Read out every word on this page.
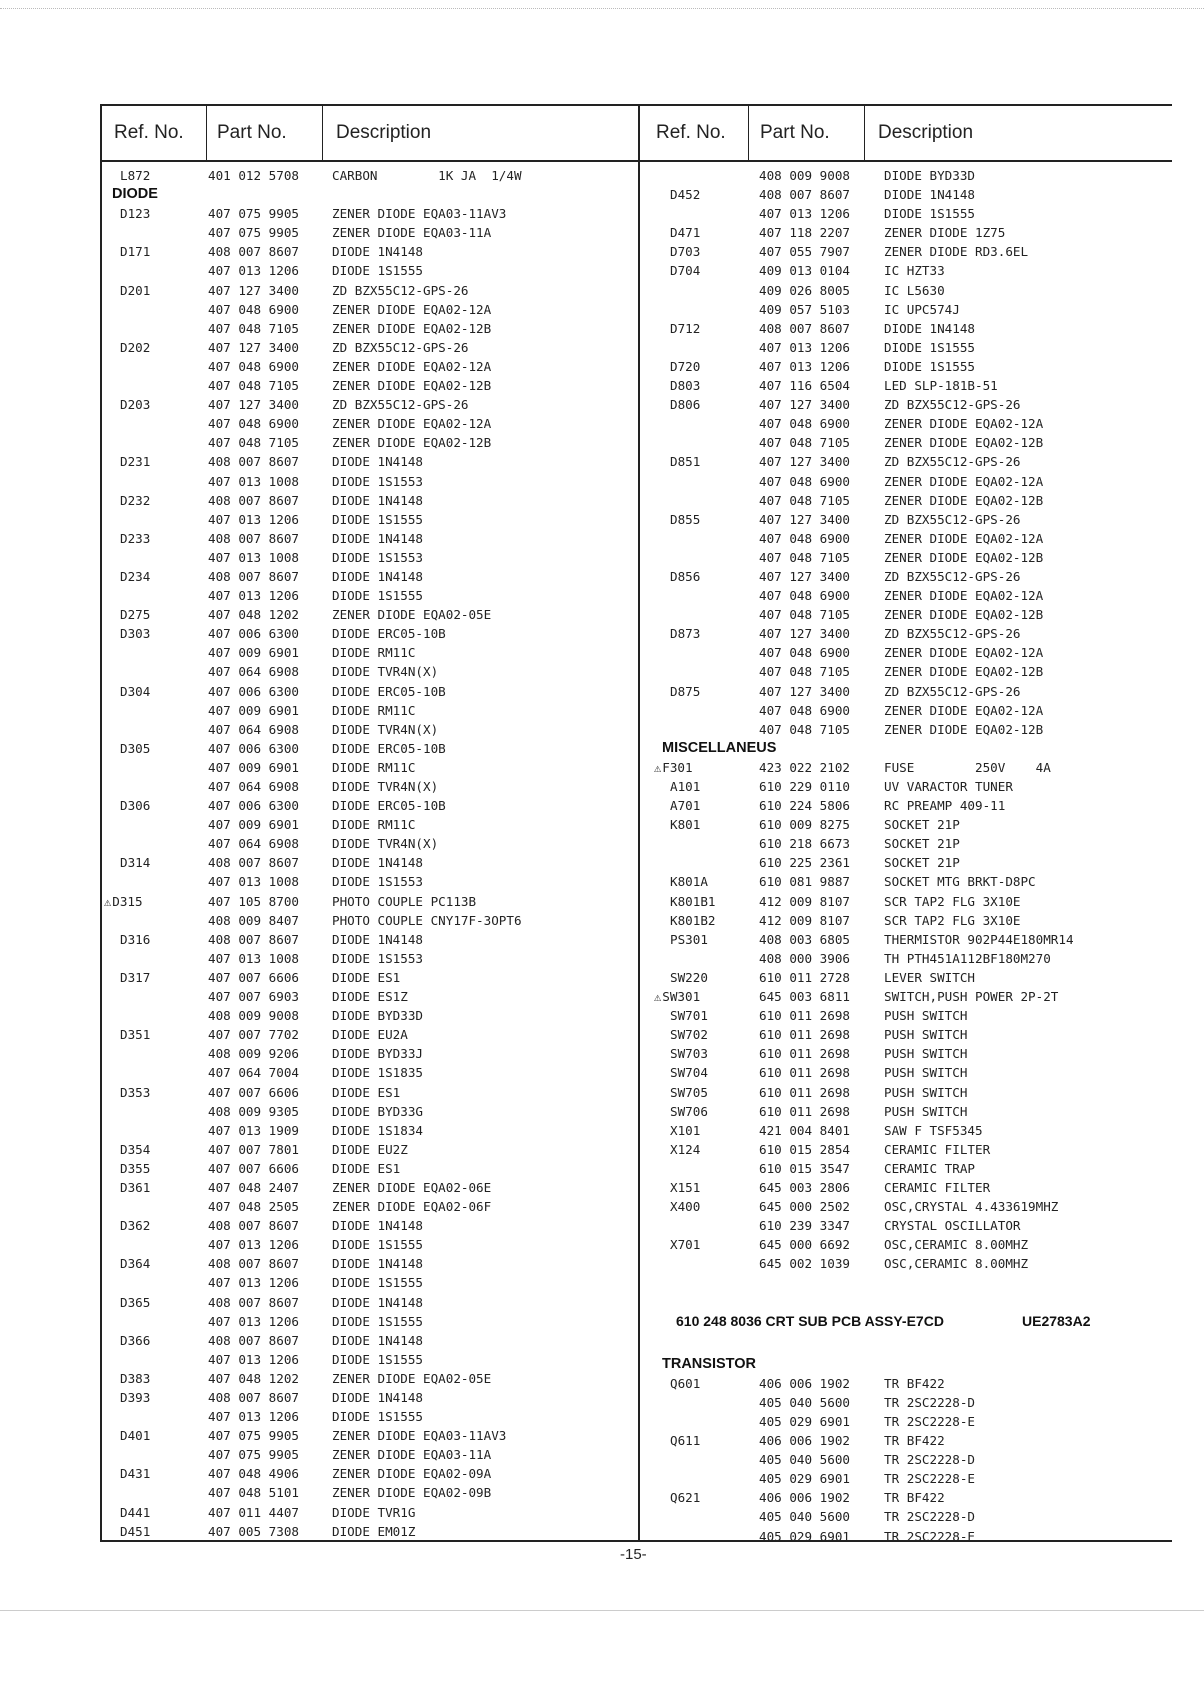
Ref. No. Part No.	Description
L872	401 012 5708	CARBON        1K JA  1/4W
DIODE
D123	407 075 9905	ZENER DIODE EQA03-11AV3
407 075 9905	ZENER DIODE EQA03-11A
D171	408 007 8607	DIODE 1N4148
407 013 1206	DIODE 1S1555
D201	407 127 3400	ZD BZX55C12-GPS-26
407 048 6900	ZENER DIODE EQA02-12A
407 048 7105	ZENER DIODE EQA02-12B
D202	407 127 3400	ZD BZX55C12-GPS-26
407 048 6900	ZENER DIODE EQA02-12A
407 048 7105	ZENER DIODE EQA02-12B
D203	407 127 3400	ZD BZX55C12-GPS-26
407 048 6900	ZENER DIODE EQA02-12A
407 048 7105	ZENER DIODE EQA02-12B
D231	408 007 8607	DIODE 1N4148
407 013 1008	DIODE 1S1553
D232	408 007 8607	DIODE 1N4148
407 013 1206	DIODE 1S1555
D233	408 007 8607	DIODE 1N4148
407 013 1008	DIODE 1S1553
D234	408 007 8607	DIODE 1N4148
407 013 1206	DIODE 1S1555
D275	407 048 1202	ZENER DIODE EQA02-05E
D303	407 006 6300	DIODE ERC05-10B
407 009 6901	DIODE RM11C
407 064 6908	DIODE TVR4N(X)
D304	407 006 6300	DIODE ERC05-10B
407 009 6901	DIODE RM11C
407 064 6908	DIODE TVR4N(X)
D305	407 006 6300	DIODE ERC05-10B
407 009 6901	DIODE RM11C
407 064 6908	DIODE TVR4N(X)
D306	407 006 6300	DIODE ERC05-10B
407 009 6901	DIODE RM11C
407 064 6908	DIODE TVR4N(X)
D314	408 007 8607	DIODE 1N4148
407 013 1008	DIODE 1S1553
⚠D315	407 105 8700	PHOTO COUPLE PC113B
408 009 8407	PHOTO COUPLE CNY17F-3OPT6
D316	408 007 8607	DIODE 1N4148
407 013 1008	DIODE 1S1553
D317	407 007 6606	DIODE ES1
407 007 6903	DIODE ES1Z
408 009 9008	DIODE BYD33D
D351	407 007 7702	DIODE EU2A
408 009 9206	DIODE BYD33J
407 064 7004	DIODE 1S1835
D353	407 007 6606	DIODE ES1
408 009 9305	DIODE BYD33G
407 013 1909	DIODE 1S1834
D354	407 007 7801	DIODE EU2Z
D355	407 007 6606	DIODE ES1
D361	407 048 2407	ZENER DIODE EQA02-06E
407 048 2505	ZENER DIODE EQA02-06F
D362	408 007 8607	DIODE 1N4148
407 013 1206	DIODE 1S1555
D364	408 007 8607	DIODE 1N4148
407 013 1206	DIODE 1S1555
D365	408 007 8607	DIODE 1N4148
407 013 1206	DIODE 1S1555
D366	408 007 8607	DIODE 1N4148
407 013 1206	DIODE 1S1555
D383	407 048 1202	ZENER DIODE EQA02-05E
D393	408 007 8607	DIODE 1N4148
407 013 1206	DIODE 1S1555
D401	407 075 9905	ZENER DIODE EQA03-11AV3
407 075 9905	ZENER DIODE EQA03-11A
D431	407 048 4906	ZENER DIODE EQA02-09A
407 048 5101	ZENER DIODE EQA02-09B
D441	407 011 4407	DIODE TVR1G
D451	407 005 7308	DIODE EM01Z
Ref. No. Part No.	Description
408 009 9008	DIODE BYD33D
D452	408 007 8607	DIODE 1N4148
407 013 1206	DIODE 1S1555
D471	407 118 2207	ZENER DIODE 1Z75
D703	407 055 7907	ZENER DIODE RD3.6EL
D704	409 013 0104	IC HZT33
409 026 8005	IC L5630
409 057 5103	IC UPC574J
D712	408 007 8607	DIODE 1N4148
407 013 1206	DIODE 1S1555
D720	407 013 1206	DIODE 1S1555
D803	407 116 6504	LED SLP-181B-51
D806	407 127 3400	ZD BZX55C12-GPS-26
407 048 6900	ZENER DIODE EQA02-12A
407 048 7105	ZENER DIODE EQA02-12B
D851	407 127 3400	ZD BZX55C12-GPS-26
407 048 6900	ZENER DIODE EQA02-12A
407 048 7105	ZENER DIODE EQA02-12B
D855	407 127 3400	ZD BZX55C12-GPS-26
407 048 6900	ZENER DIODE EQA02-12A
407 048 7105	ZENER DIODE EQA02-12B
D856	407 127 3400	ZD BZX55C12-GPS-26
407 048 6900	ZENER DIODE EQA02-12A
407 048 7105	ZENER DIODE EQA02-12B
D873	407 127 3400	ZD BZX55C12-GPS-26
407 048 6900	ZENER DIODE EQA02-12A
407 048 7105	ZENER DIODE EQA02-12B
D875	407 127 3400	ZD BZX55C12-GPS-26
407 048 6900	ZENER DIODE EQA02-12A
407 048 7105	ZENER DIODE EQA02-12B
MISCELLANEUS
⚠F301	423 022 2102	FUSE        250V    4A
A101	610 229 0110	UV VARACTOR TUNER
A701	610 224 5806	RC PREAMP 409-11
K801	610 009 8275	SOCKET 21P
610 218 6673	SOCKET 21P
610 225 2361	SOCKET 21P
K801A	610 081 9887	SOCKET MTG BRKT-D8PC
K801B1	412 009 8107	SCR TAP2 FLG 3X10E
K801B2	412 009 8107	SCR TAP2 FLG 3X10E
PS301	408 003 6805	THERMISTOR 902P44E180MR14
408 000 3906	TH PTH451A112BF180M270
SW220	610 011 2728	LEVER SWITCH
⚠SW301	645 003 6811	SWITCH,PUSH POWER 2P-2T
SW701	610 011 2698	PUSH SWITCH
SW702	610 011 2698	PUSH SWITCH
SW703	610 011 2698	PUSH SWITCH
SW704	610 011 2698	PUSH SWITCH
SW705	610 011 2698	PUSH SWITCH
SW706	610 011 2698	PUSH SWITCH
X101	421 004 8401	SAW F TSF5345
X124	610 015 2854	CERAMIC FILTER
610 015 3547	CERAMIC TRAP
X151	645 003 2806	CERAMIC FILTER
X400	645 000 2502	OSC,CRYSTAL 4.433619MHZ
610 239 3347	CRYSTAL OSCILLATOR
X701	645 000 6692	OSC,CERAMIC 8.00MHZ
645 002 1039	OSC,CERAMIC 8.00MHZ
610 248 8036 CRT SUB PCB ASSY-E7CD	UE2783A2
TRANSISTOR
Q601	406 006 1902	TR BF422
405 040 5600	TR 2SC2228-D
405 029 6901	TR 2SC2228-E
Q611	406 006 1902	TR BF422
405 040 5600	TR 2SC2228-D
405 029 6901	TR 2SC2228-E
Q621	406 006 1902	TR BF422
405 040 5600	TR 2SC2228-D
405 029 6901	TR 2SC2228-E
-15-
